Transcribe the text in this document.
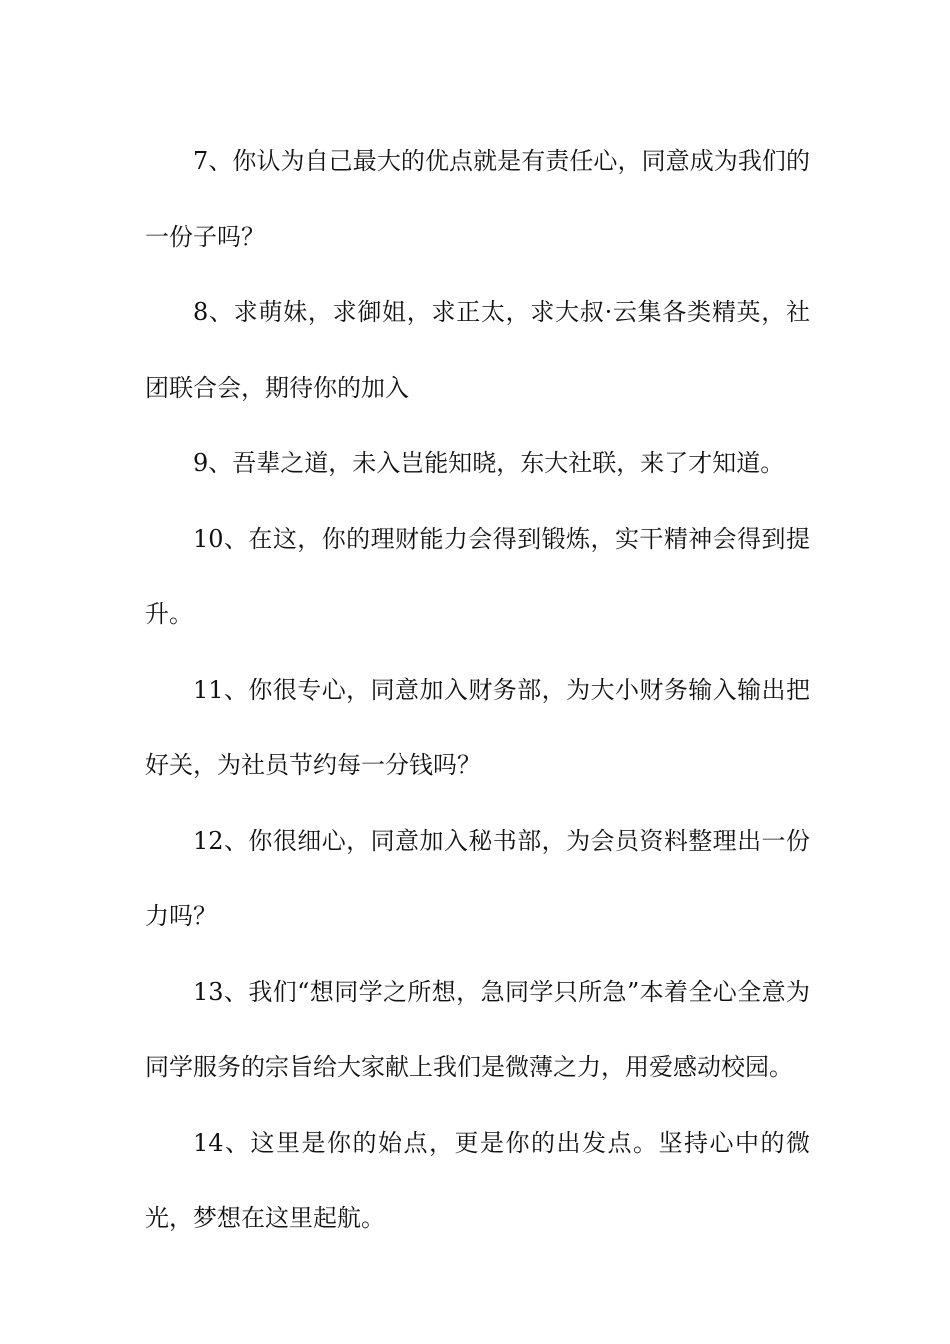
7、你认为自己最大的优点就是有责任心，同意成为我们的一份子吗？

8、求萌妹，求御姐，求正太，求大叔·云集各类精英，社团联合会，期待你的加入

9、吾辈之道，未入岂能知晓，东大社联，来了才知道。

10、在这，你的理财能力会得到锻炼，实干精神会得到提升。

11、你很专心，同意加入财务部，为大小财务输入输出把好关，为社员节约每一分钱吗？

12、你很细心，同意加入秘书部，为会员资料整理出一份力吗？

13、我们“想同学之所想，急同学只所急”本着全心全意为同学服务的宗旨给大家献上我们是微薄之力，用爱感动校园。

14、这里是你的始点，更是你的出发点。坚持心中的微光，梦想在这里起航。
